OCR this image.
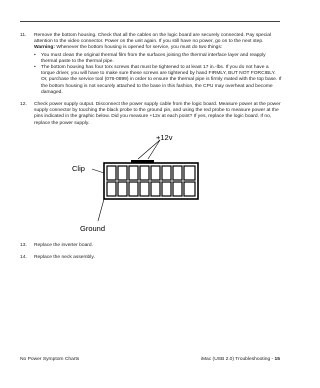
11. Remove the bottom housing. Check that all the cables on the logic board are securely connected. Pay special attention to the video connector. Power on the unit again. If you still have no power, go on to the next step.

Warning: Whenever the bottom housing is opened for service, you must do two things:

• You must clean the original thermal film from the surfaces joining the thermal interface layer and reapply thermal paste to the thermal pipe.
• The bottom housing has four torx screws that must be tightened to at least 17 in.-lbs. If you do not have a torque driver, you will have to make sure these screws are tightened by hand FIRMLY, BUT NOT FORCIBLY. Or, purchase the service tool (076-0899) in order to ensure the thermal pipe is firmly mated with the top base. If the bottom housing is not securely attached to the base in this fashion, the CPU may overheat and become damaged.
12. Check power supply output. Disconnect the power supply cable from the logic board. Measure power at the power supply connector by touching the black probe to the ground pin, and using the red probe to measure power at the pins indicated in the graphic below. Did you measure +12v at each point? If yes, replace the logic board. If no, replace the power supply.

+12v
Clip
Ground
13. Replace the inverter board.

14. Replace the neck assembly.

No Power Symptom Charts	iMac (USB 2.0) Troubleshooting - 15
